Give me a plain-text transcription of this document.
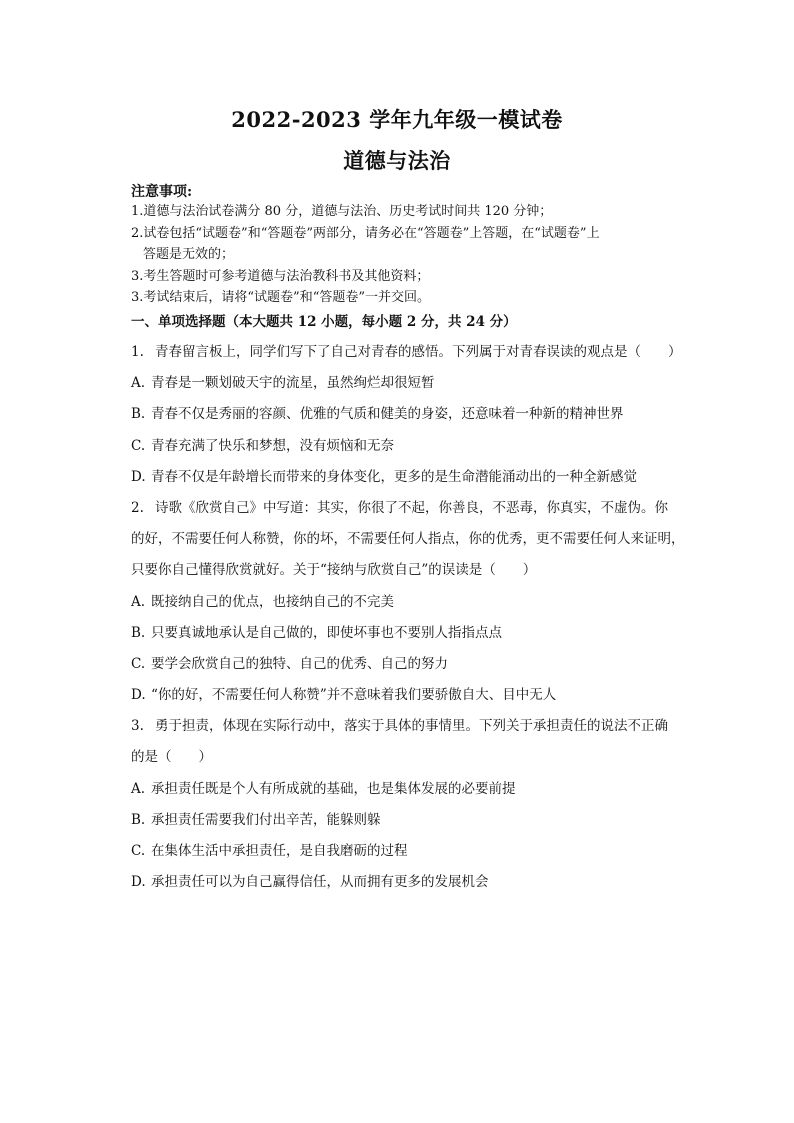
2022-2023 学年九年级一模试卷
道德与法治
注意事项:
1.道德与法治试卷满分 80 分，道德与法治、历史考试时间共 120 分钟；
2.试卷包括“试题卷”和“答题卷”两部分，请务必在“答题卷”上答题，在“试题卷”上
答题是无效的；
3.考生答题时可参考道德与法治教科书及其他资料；
3.考试结束后，请将“试题卷”和“答题卷”一并交回。
一、单项选择题（本大题共 12 小题，每小题 2 分，共 24 分）
1. 青春留言板上，同学们写下了自己对青春的感悟。下列属于对青春误读的观点是（　　）
A. 青春是一颗划破天宇的流星，虽然绚烂却很短暂
B. 青春不仅是秀丽的容颜、优雅的气质和健美的身姿，还意味着一种新的精神世界
C. 青春充满了快乐和梦想，没有烦恼和无奈
D. 青春不仅是年龄增长而带来的身体变化，更多的是生命潜能涌动出的一种全新感觉
2. 诗歌《欣赏自己》中写道：其实，你很了不起，你善良，不恶毒，你真实，不虚伪。你
的好，不需要任何人称赞，你的坏，不需要任何人指点，你的优秀，更不需要任何人来证明，
只要你自己懂得欣赏就好。关于“接纳与欣赏自己”的误读是（　　）
A. 既接纳自己的优点，也接纳自己的不完美
B. 只要真诚地承认是自己做的，即使坏事也不要别人指指点点
C. 要学会欣赏自己的独特、自己的优秀、自己的努力
D. “你的好，不需要任何人称赞”并不意味着我们要骄傲自大、目中无人
3. 勇于担责，体现在实际行动中，落实于具体的事情里。下列关于承担责任的说法不正确
的是（　　）
A. 承担责任既是个人有所成就的基础，也是集体发展的必要前提
B. 承担责任需要我们付出辛苦，能躲则躲
C. 在集体生活中承担责任，是自我磨砺的过程
D. 承担责任可以为自己赢得信任，从而拥有更多的发展机会
